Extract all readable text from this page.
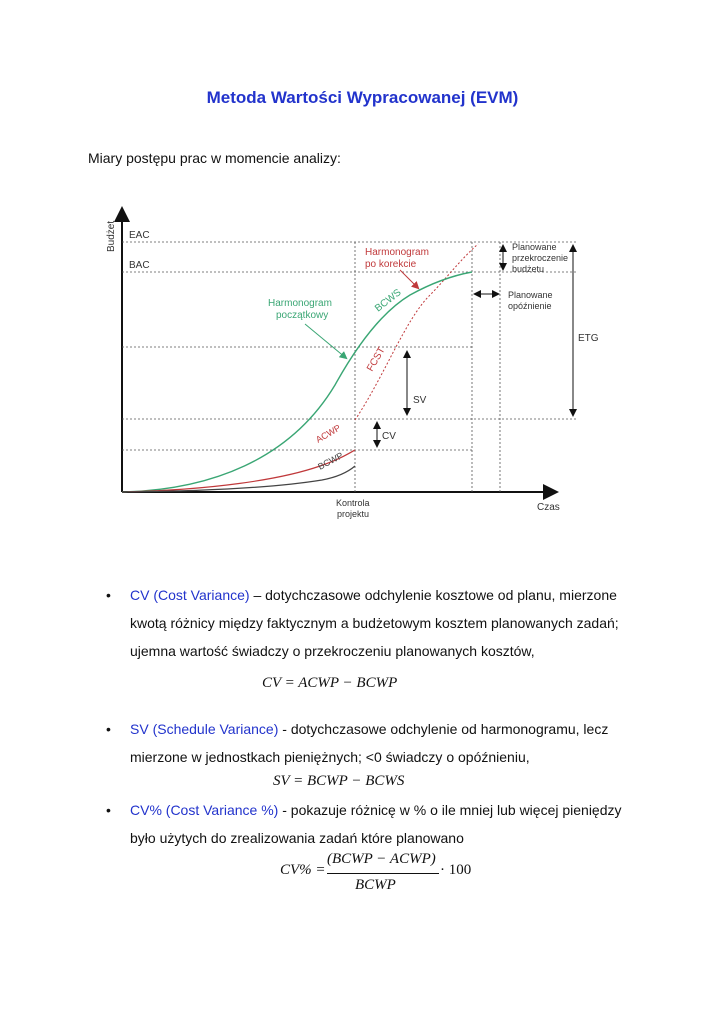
Metoda Wartości Wypracowanej (EVM)
Miary postępu prac w momencie analizy:
Budżet
Czas
EAC
BAC
BCWS
FCST
ACWP
BCWP
Harmonogram
po korekcie
Harmonogram
początkowy
SV
CV
Planowane
przekroczenie
budżetu
Planowane
opóźnienie
ETG
Kontrola
projektu
• CV (Cost Variance) – dotychczasowe odchylenie kosztowe od planu, mierzone kwotą różnicy między faktycznym a budżetowym kosztem planowanych zadań; ujemna wartość świadczy o przekroczeniu planowanych kosztów,
CV = ACWP − BCWP
• SV (Schedule Variance) - dotychczasowe odchylenie od harmonogramu, lecz mierzone w jednostkach pieniężnych; <0 świadczy o opóźnieniu,
SV = BCWP − BCWS
• CV% (Cost Variance %) - pokazuje różnicę w % o ile mniej lub więcej pieniędzy było użytych do zrealizowania zadań które planowano
CV% =
(BCWP − ACWP)
BCWP
· 100
